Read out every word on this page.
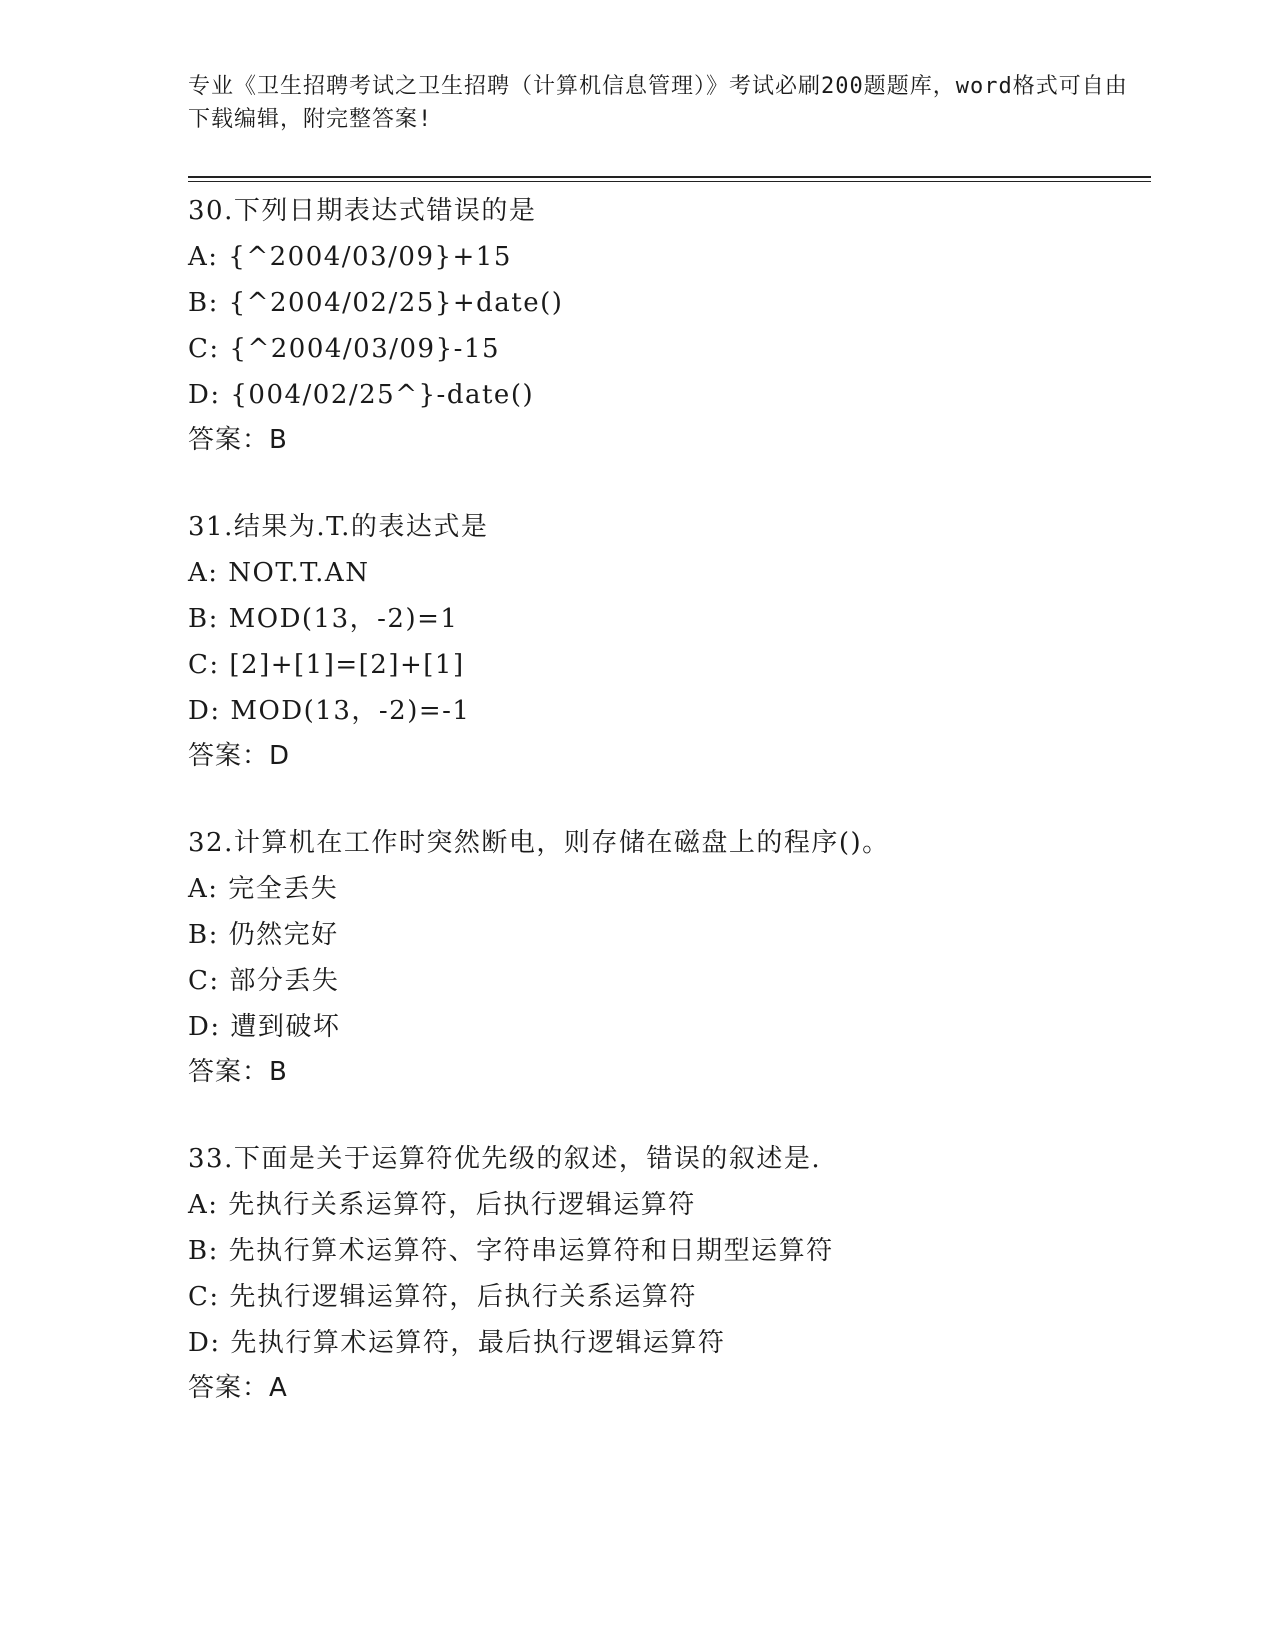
专业《卫生招聘考试之卫生招聘（计算机信息管理）》考试必刷200题题库，word格式可自由下载编辑，附完整答案!

30.下列日期表达式错误的是
A: {^2004/03/09}+15
B: {^2004/02/25}+date()
C: {^2004/03/09}-15
D: {004/02/25^}-date()
答案：B
31.结果为.T.的表达式是
A: NOT.T.AN
B: MOD(13，-2)=1
C: [2]+[1]=[2]+[1]
D: MOD(13，-2)=-1
答案：D
32.计算机在工作时突然断电，则存储在磁盘上的程序()。
A: 完全丢失
B: 仍然完好
C: 部分丢失
D: 遭到破坏
答案：B
33.下面是关于运算符优先级的叙述，错误的叙述是.
A: 先执行关系运算符，后执行逻辑运算符
B: 先执行算术运算符、字符串运算符和日期型运算符
C: 先执行逻辑运算符，后执行关系运算符
D: 先执行算术运算符，最后执行逻辑运算符
答案：A
